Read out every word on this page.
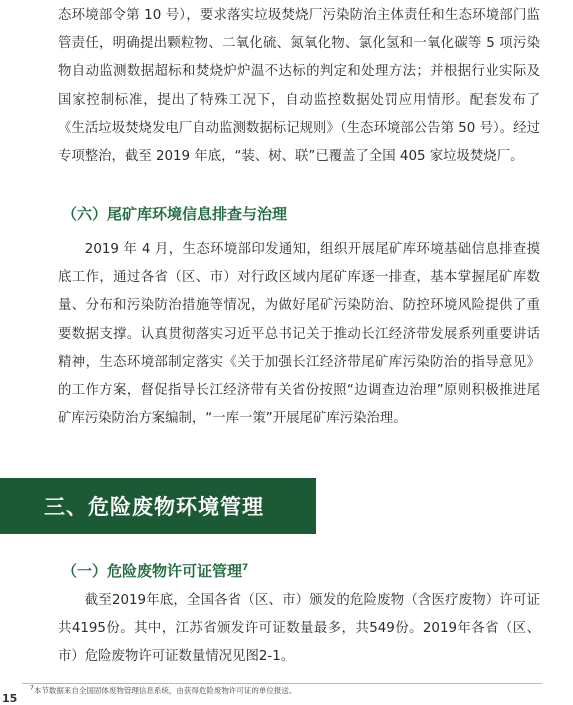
态环境部令第 10 号），要求落实垃圾焚烧厂污染防治主体责任和生态环境部门监管责任，明确提出颗粒物、二氧化硫、氮氧化物、氯化氢和一氧化碳等 5 项污染物自动监测数据超标和焚烧炉炉温不达标的判定和处理方法；并根据行业实际及国家控制标准，提出了特殊工况下，自动监控数据处罚应用情形。配套发布了《生活垃圾焚烧发电厂自动监测数据标记规则》（生态环境部公告第 50 号）。经过专项整治，截至 2019 年底，“装、树、联”已覆盖了全国 405 家垃圾焚烧厂。

（六）尾矿库环境信息排查与治理

2019 年 4 月，生态环境部印发通知，组织开展尾矿库环境基础信息排查摸底工作，通过各省（区、市）对行政区域内尾矿库逐一排查，基本掌握尾矿库数量、分布和污染防治措施等情况，为做好尾矿污染防治、防控环境风险提供了重要数据支撑。认真贯彻落实习近平总书记关于推动长江经济带发展系列重要讲话精神，生态环境部制定落实《关于加强长江经济带尾矿库污染防治的指导意见》的工作方案，督促指导长江经济带有关省份按照“边调查边治理”原则积极推进尾矿库污染防治方案编制，“一库一策”开展尾矿库污染治理。

三、危险废物环境管理
（一）危险废物许可证管理$^7$

截至2019年底，全国各省（区、市）颁发的危险废物（含医疗废物）许可证共4195份。其中，江苏省颁发许可证数量最多，共549份。2019年各省（区、市）危险废物许可证数量情况见图2-1。

$^7$本节数据来自全国固体废物管理信息系统，由获得危险废物许可证的单位报送。

15
